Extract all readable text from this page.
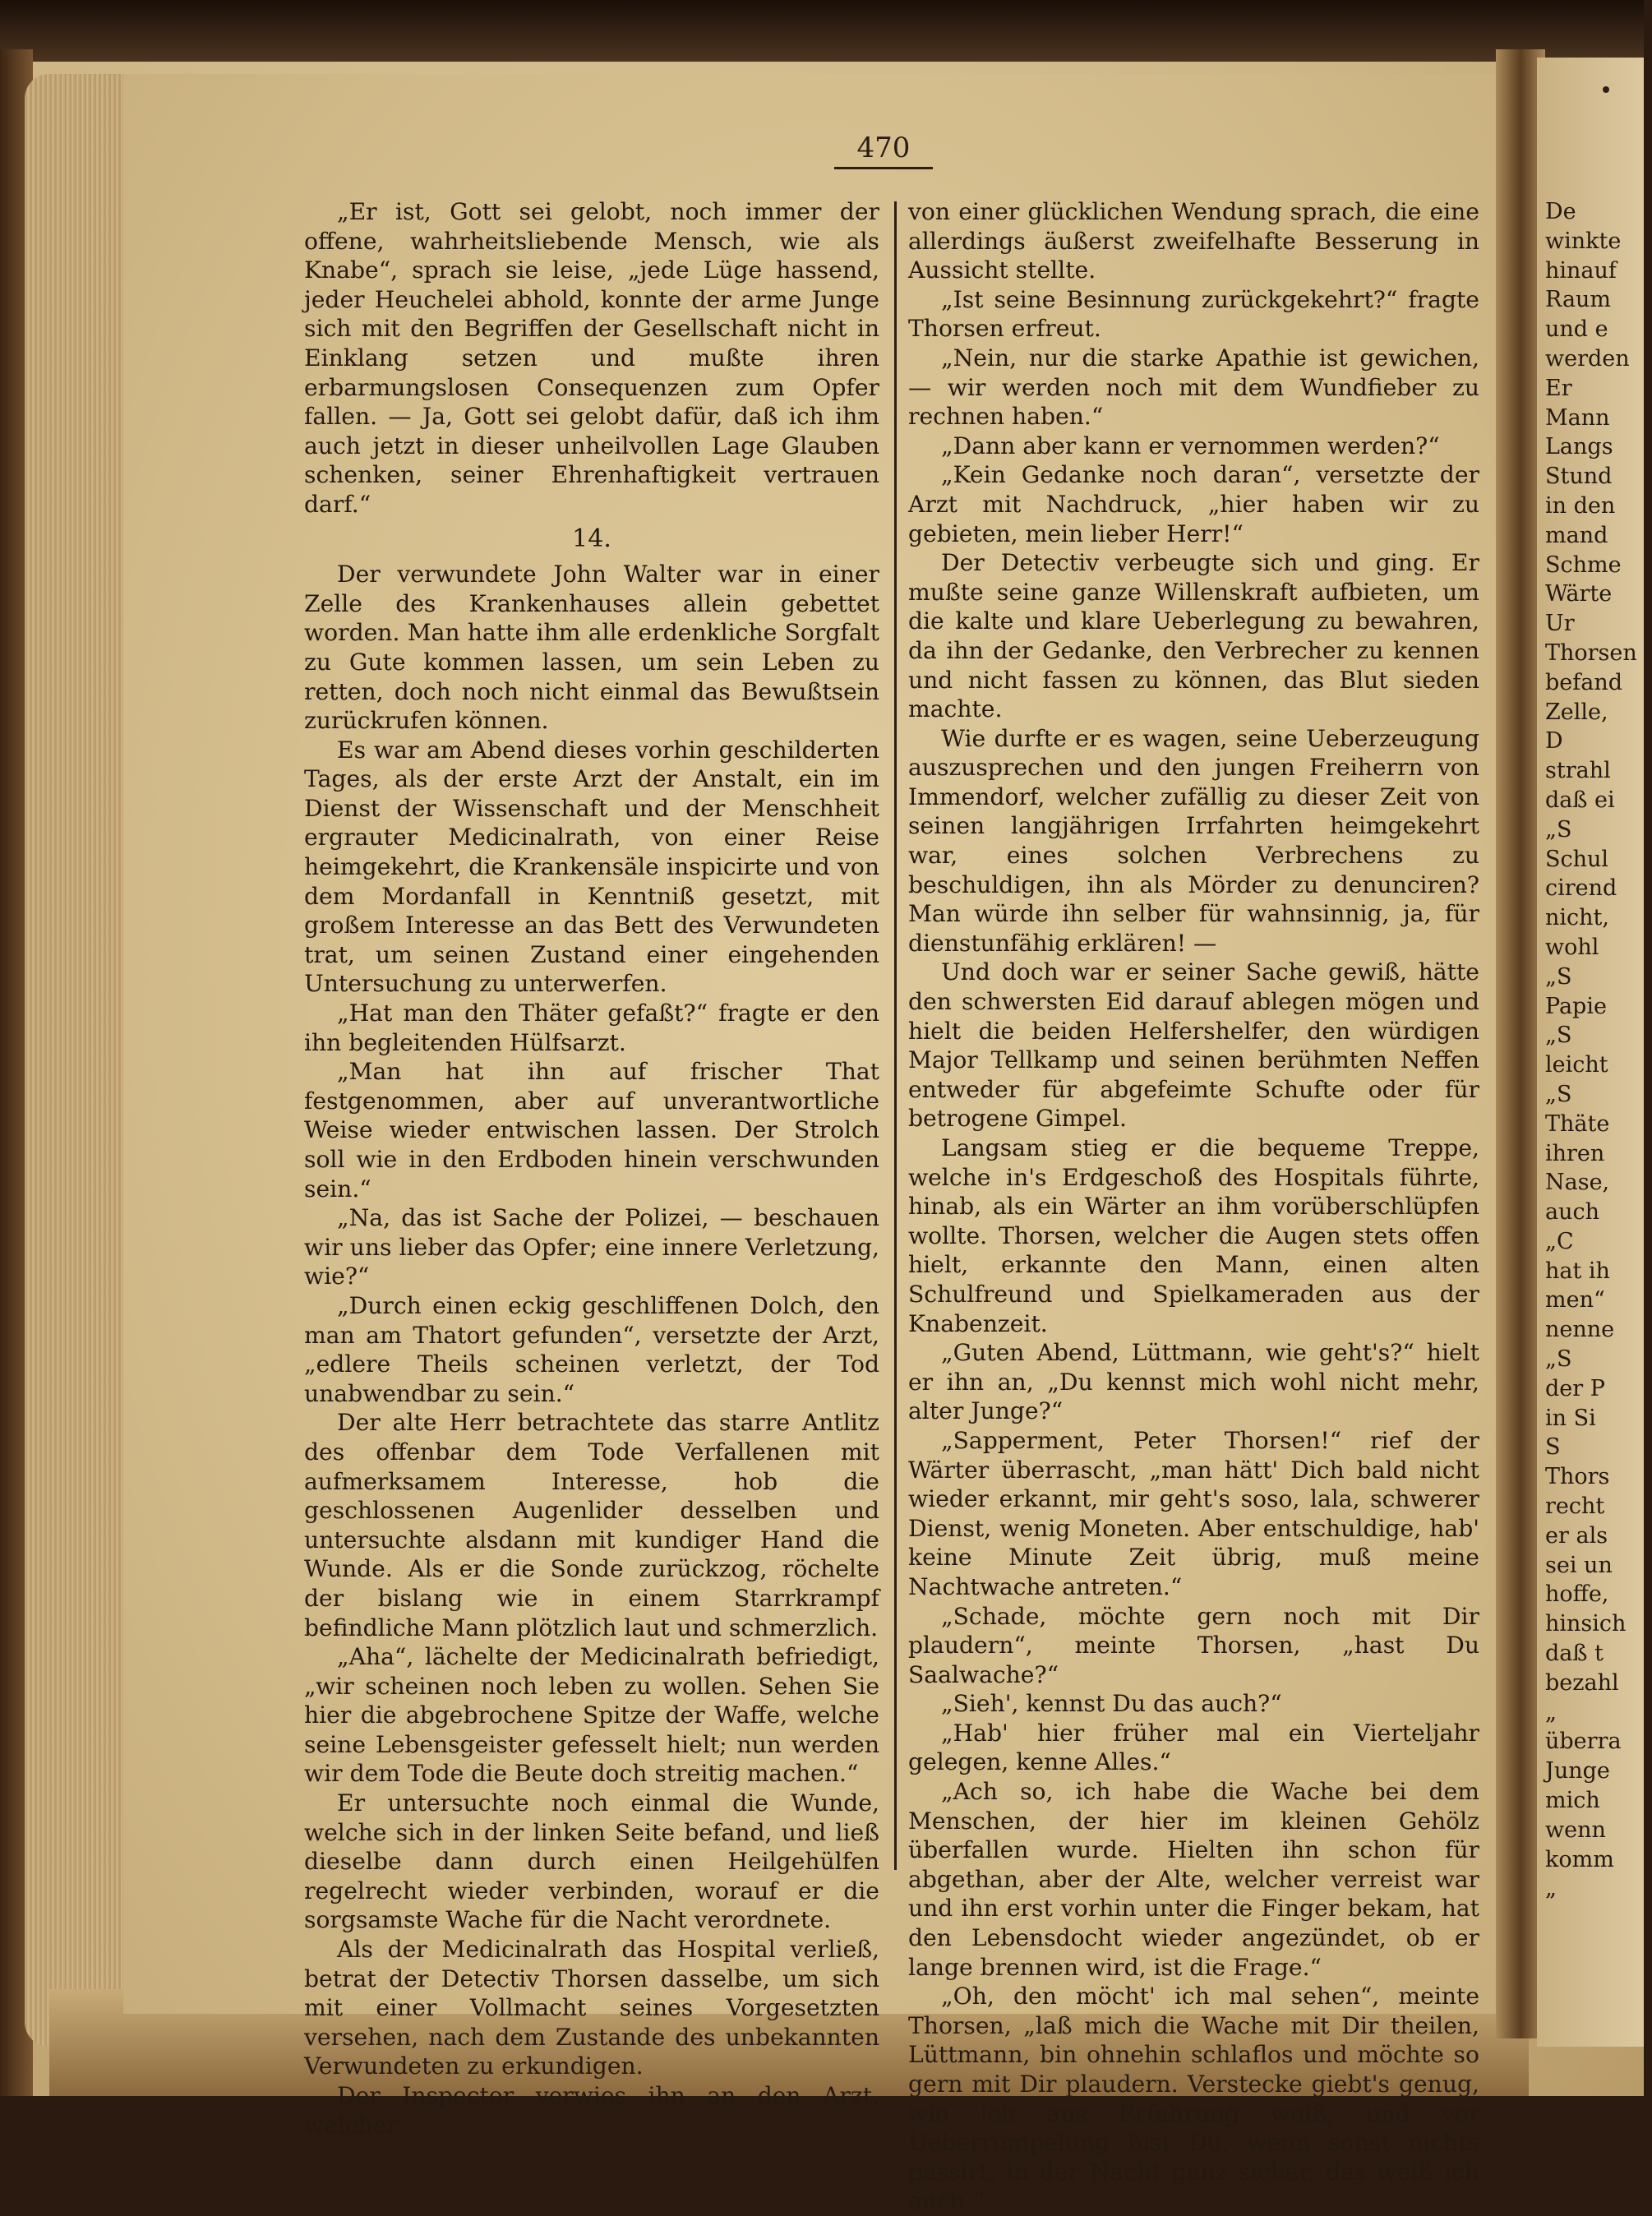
470

„Er ist, Gott sei gelobt, noch immer der offene, wahrheitsliebende Mensch, wie als Knabe“, sprach sie leise, „jede Lüge hassend, jeder Heuchelei abhold, konnte der arme Junge sich mit den Begriffen der Gesellschaft nicht in Einklang setzen und mußte ihren erbarmungslosen Consequenzen zum Opfer fallen. — Ja, Gott sei gelobt dafür, daß ich ihm auch jetzt in dieser unheilvollen Lage Glauben schenken, seiner Ehrenhaftigkeit vertrauen darf.“

14.

Der verwundete John Walter war in einer Zelle des Krankenhauses allein gebettet worden. Man hatte ihm alle erdenkliche Sorgfalt zu Gute kommen lassen, um sein Leben zu retten, doch noch nicht einmal das Bewußtsein zurückrufen können.

Es war am Abend dieses vorhin geschilderten Tages, als der erste Arzt der Anstalt, ein im Dienst der Wissenschaft und der Menschheit ergrauter Medicinalrath, von einer Reise heimgekehrt, die Krankensäle inspicirte und von dem Mordanfall in Kenntniß gesetzt, mit großem Interesse an das Bett des Verwundeten trat, um seinen Zustand einer eingehenden Untersuchung zu unterwerfen.

„Hat man den Thäter gefaßt?“ fragte er den ihn begleitenden Hülfsarzt.

„Man hat ihn auf frischer That festgenommen, aber auf unverantwortliche Weise wieder entwischen lassen. Der Strolch soll wie in den Erdboden hinein verschwunden sein.“

„Na, das ist Sache der Polizei, — beschauen wir uns lieber das Opfer; eine innere Verletzung, wie?“

„Durch einen eckig geschliffenen Dolch, den man am Thatort gefunden“, versetzte der Arzt, „edlere Theils scheinen verletzt, der Tod unabwendbar zu sein.“

Der alte Herr betrachtete das starre Antlitz des offenbar dem Tode Verfallenen mit aufmerksamem Interesse, hob die geschlossenen Augenlider desselben und untersuchte alsdann mit kundiger Hand die Wunde. Als er die Sonde zurückzog, röchelte der bislang wie in einem Starrkrampf befindliche Mann plötzlich laut und schmerzlich.

„Aha“, lächelte der Medicinalrath befriedigt, „wir scheinen noch leben zu wollen. Sehen Sie hier die abgebrochene Spitze der Waffe, welche seine Lebensgeister gefesselt hielt; nun werden wir dem Tode die Beute doch streitig machen.“

Er untersuchte noch einmal die Wunde, welche sich in der linken Seite befand, und ließ dieselbe dann durch einen Heilgehülfen regelrecht wieder verbinden, worauf er die sorgsamste Wache für die Nacht verordnete.

Als der Medicinalrath das Hospital verließ, betrat der Detectiv Thorsen dasselbe, um sich mit einer Vollmacht seines Vorgesetzten versehen, nach dem Zustande des unbekannten Verwundeten zu erkundigen.

Der Inspector verwies ihn an den Arzt, welcher

von einer glücklichen Wendung sprach, die eine allerdings äußerst zweifelhafte Besserung in Aussicht stellte.

„Ist seine Besinnung zurückgekehrt?“ fragte Thorsen erfreut.

„Nein, nur die starke Apathie ist gewichen, — wir werden noch mit dem Wundfieber zu rechnen haben.“

„Dann aber kann er vernommen werden?“

„Kein Gedanke noch daran“, versetzte der Arzt mit Nachdruck, „hier haben wir zu gebieten, mein lieber Herr!“

Der Detectiv verbeugte sich und ging. Er mußte seine ganze Willenskraft aufbieten, um die kalte und klare Ueberlegung zu bewahren, da ihn der Gedanke, den Verbrecher zu kennen und nicht fassen zu können, das Blut sieden machte.

Wie durfte er es wagen, seine Ueberzeugung auszusprechen und den jungen Freiherrn von Immendorf, welcher zufällig zu dieser Zeit von seinen langjährigen Irrfahrten heimgekehrt war, eines solchen Verbrechens zu beschuldigen, ihn als Mörder zu denunciren? Man würde ihn selber für wahnsinnig, ja, für dienstunfähig erklären! —

Und doch war er seiner Sache gewiß, hätte den schwersten Eid darauf ablegen mögen und hielt die beiden Helfershelfer, den würdigen Major Tellkamp und seinen berühmten Neffen entweder für abgefeimte Schufte oder für betrogene Gimpel.

Langsam stieg er die bequeme Treppe, welche in's Erdgeschoß des Hospitals führte, hinab, als ein Wärter an ihm vorüberschlüpfen wollte. Thorsen, welcher die Augen stets offen hielt, erkannte den Mann, einen alten Schulfreund und Spielkameraden aus der Knabenzeit.

„Guten Abend, Lüttmann, wie geht's?“ hielt er ihn an, „Du kennst mich wohl nicht mehr, alter Junge?“

„Sapperment, Peter Thorsen!“ rief der Wärter überrascht, „man hätt' Dich bald nicht wieder erkannt, mir geht's soso, lala, schwerer Dienst, wenig Moneten. Aber entschuldige, hab' keine Minute Zeit übrig, muß meine Nachtwache antreten.“

„Schade, möchte gern noch mit Dir plaudern“, meinte Thorsen, „hast Du Saalwache?“

„Sieh', kennst Du das auch?“

„Hab' hier früher mal ein Vierteljahr gelegen, kenne Alles.“

„Ach so, ich habe die Wache bei dem Menschen, der hier im kleinen Gehölz überfallen wurde. Hielten ihn schon für abgethan, aber der Alte, welcher verreist war und ihn erst vorhin unter die Finger bekam, hat den Lebensdocht wieder angezündet, ob er lange brennen wird, ist die Frage.“

„Oh, den möcht' ich mal sehen“, meinte Thorsen, „laß mich die Wache mit Dir theilen, Lüttmann, bin ohnehin schlaflos und möchte so gern mit Dir plaudern. Verstecke giebt's genug, wie ich aus Erfahrung weiß, und vor Ueberrumpelung bist Du, wenn sonst nichts passirt, in der Nacht ganz sicher, das weiß ich auch.“

De
winkte
hinauf
Raum
und e
werden
Er
Mann
Langs
Stund
in den
mand
Schme
Wärte
Ur
Thorsen
befand
Zelle,
D
strahl
daß ei
„S
Schul
cirend
nicht,
wohl
„S
Papie
„S
leicht
„S
Thäte
ihren
Nase,
auch
„C
hat ih
men“
nenne
„S
der P
in Si
S
Thors
recht
er als
sei un
hoffe,
hinsich
daß t
bezahl
„
überra
Junge
mich
wenn
komm
„
